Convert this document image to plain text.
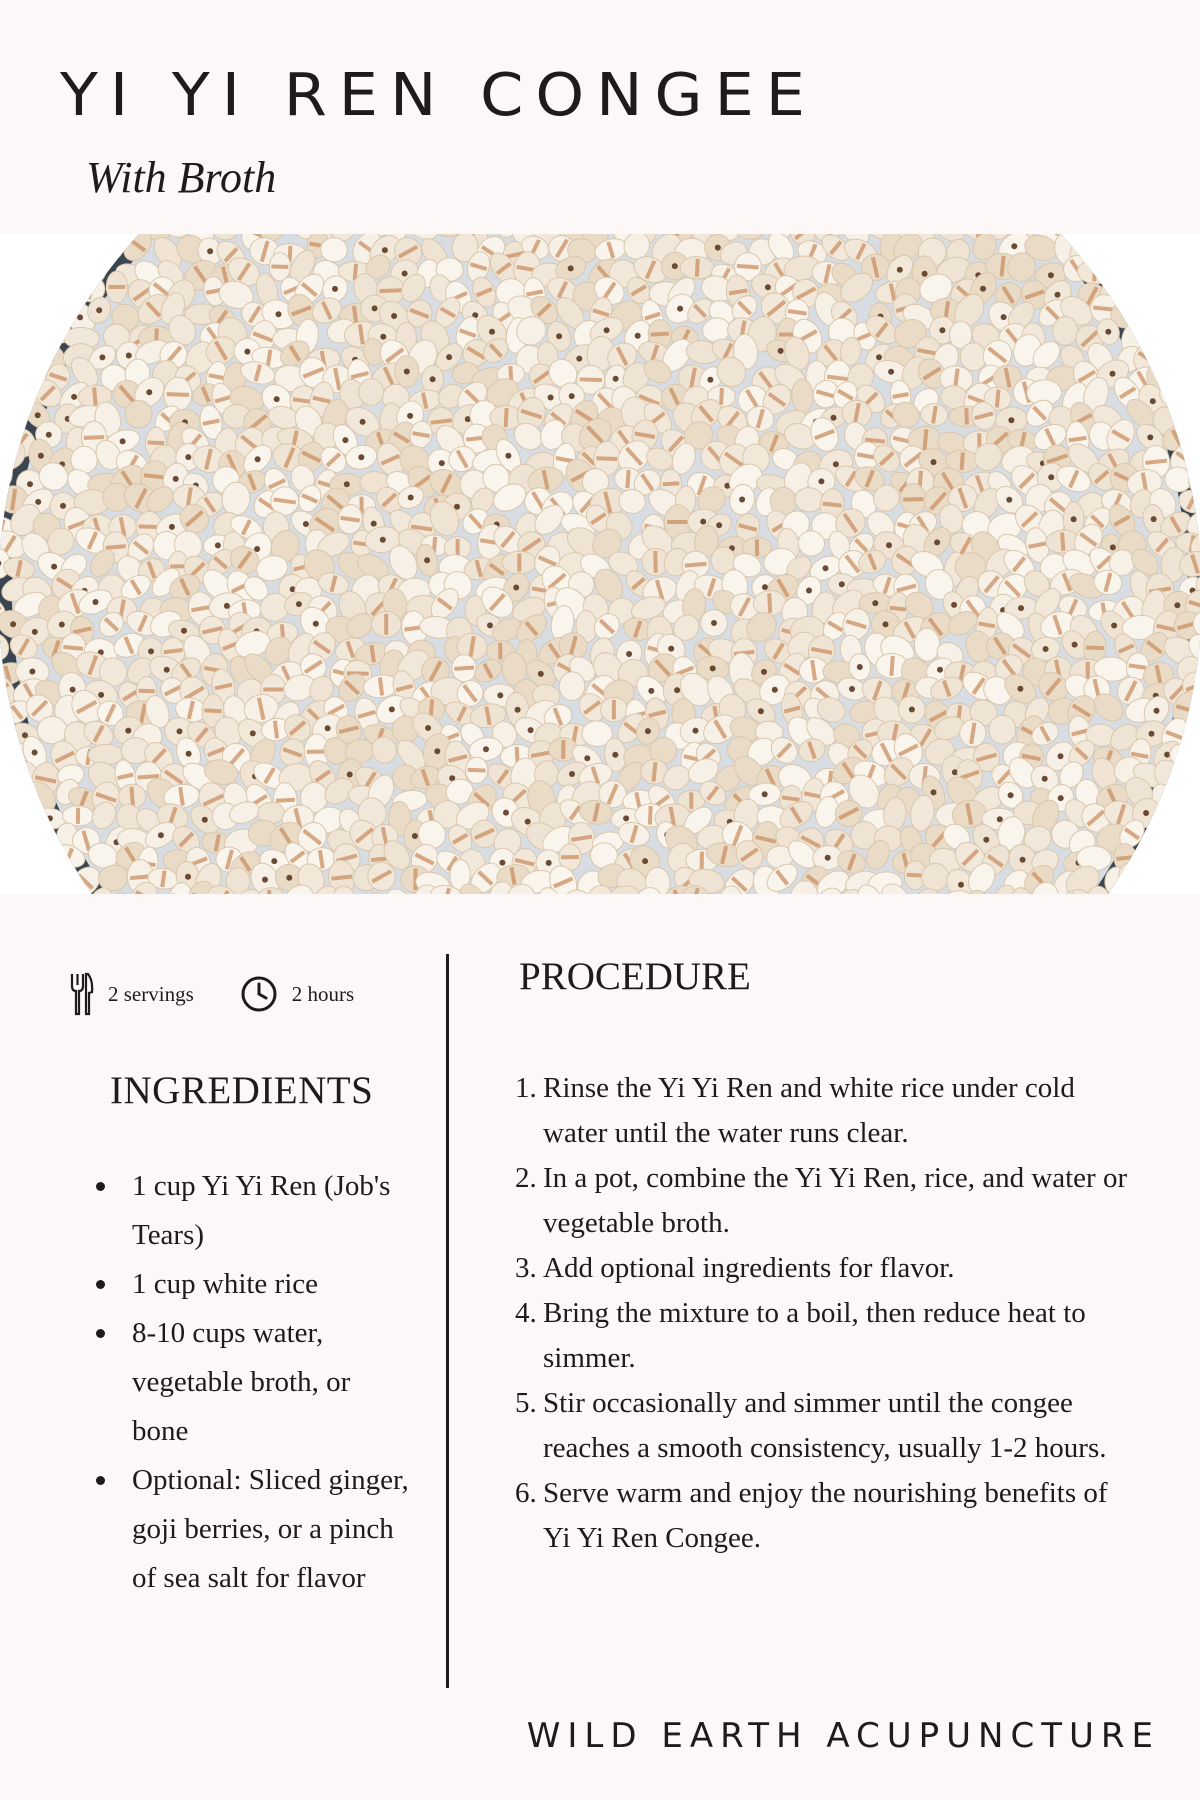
YI YI REN CONGEE
With Broth
2 servings	2 hours
INGREDIENTS
1 cup Yi Yi Ren (Job's Tears)
1 cup white rice
8-10 cups water, vegetable broth, or bone
Optional: Sliced ginger, goji berries, or a pinch of sea salt for flavor
PROCEDURE
1. Rinse the Yi Yi Ren and white rice under cold water until the water runs clear.
2. In a pot, combine the Yi Yi Ren, rice, and water or vegetable broth.
3. Add optional ingredients for flavor.
4. Bring the mixture to a boil, then reduce heat to simmer.
5. Stir occasionally and simmer until the congee reaches a smooth consistency, usually 1-2 hours.
6. Serve warm and enjoy the nourishing benefits of Yi Yi Ren Congee.
WILD EARTH ACUPUNCTURE
